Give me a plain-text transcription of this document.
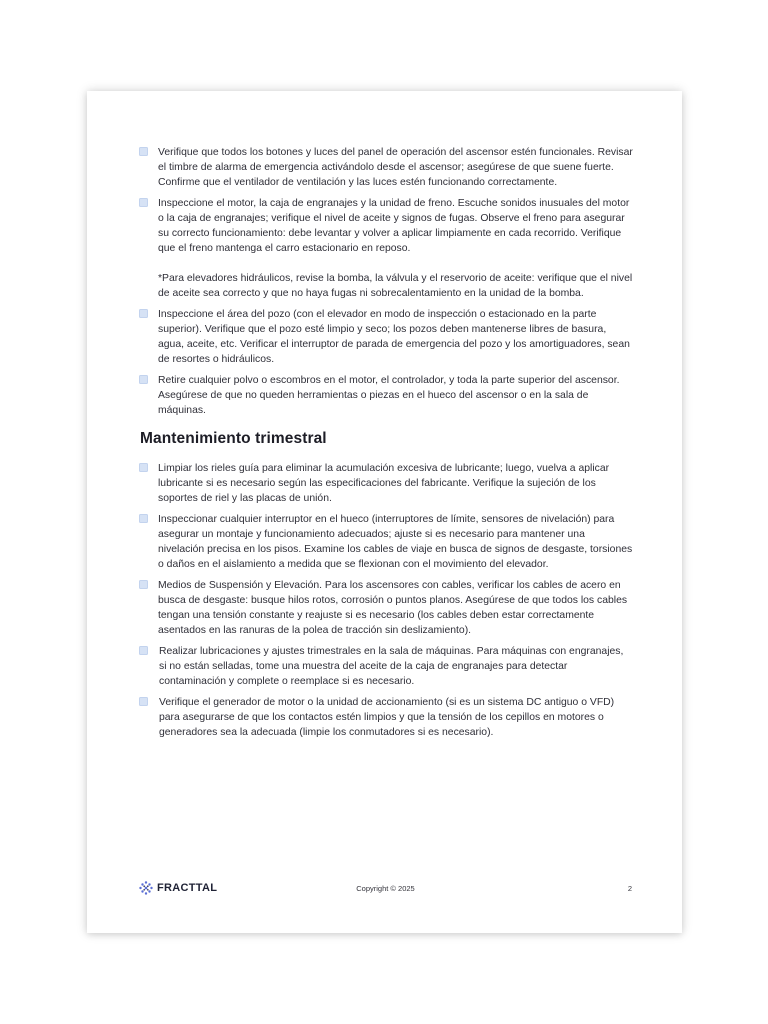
Verifique que todos los botones y luces del panel de operación del ascensor estén funcionales. Revisar el timbre de alarma de emergencia activándolo desde el ascensor; asegúrese de que suene fuerte. Confirme que el ventilador de ventilación y las luces estén funcionando correctamente.
Inspeccione el motor, la caja de engranajes y la unidad de freno. Escuche sonidos inusuales del motor o la caja de engranajes; verifique el nivel de aceite y signos de fugas. Observe el freno para asegurar su correcto funcionamiento: debe levantar y volver a aplicar limpiamente en cada recorrido. Verifique que el freno mantenga el carro estacionario en reposo.
*Para elevadores hidráulicos, revise la bomba, la válvula y el reservorio de aceite: verifique que el nivel de aceite sea correcto y que no haya fugas ni sobrecalentamiento en la unidad de la bomba.
Inspeccione el área del pozo (con el elevador en modo de inspección o estacionado en la parte superior). Verifique que el pozo esté limpio y seco; los pozos deben mantenerse libres de basura, agua, aceite, etc. Verificar el interruptor de parada de emergencia del pozo y los amortiguadores, sean de resortes o hidráulicos.
Retire cualquier polvo o escombros en el motor, el controlador, y toda la parte superior del ascensor. Asegúrese de que no queden herramientas o piezas en el hueco del ascensor o en la sala de máquinas.
Mantenimiento trimestral
Limpiar los rieles guía para eliminar la acumulación excesiva de lubricante; luego, vuelva a aplicar lubricante si es necesario según las especificaciones del fabricante. Verifique la sujeción de los soportes de riel y las placas de unión.
Inspeccionar cualquier interruptor en el hueco (interruptores de límite, sensores de nivelación) para asegurar un montaje y funcionamiento adecuados; ajuste si es necesario para mantener una nivelación precisa en los pisos. Examine los cables de viaje en busca de signos de desgaste, torsiones o daños en el aislamiento a medida que se flexionan con el movimiento del elevador.
Medios de Suspensión y Elevación. Para los ascensores con cables, verificar los cables de acero en busca de desgaste: busque hilos rotos, corrosión o puntos planos. Asegúrese de que todos los cables tengan una tensión constante y reajuste si es necesario (los cables deben estar correctamente asentados en las ranuras de la polea de tracción sin deslizamiento).
Realizar lubricaciones y ajustes trimestrales en la sala de máquinas. Para máquinas con engranajes, si no están selladas, tome una muestra del aceite de la caja de engranajes para detectar contaminación y complete o reemplace si es necesario.
Verifique el generador de motor o la unidad de accionamiento (si es un sistema DC antiguo o VFD) para asegurarse de que los contactos estén limpios y que la tensión de los cepillos en motores o generadores sea la adecuada (limpie los conmutadores si es necesario).
FRACTTAL	Copyright © 2025	2
